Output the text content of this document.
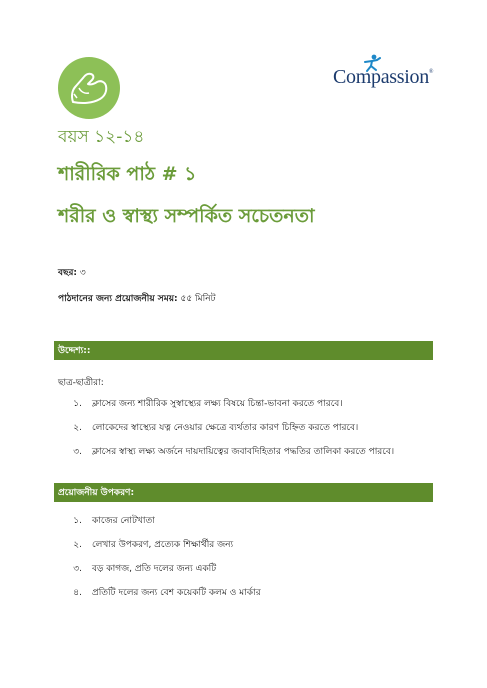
Compassion®
বয়স ১২-১৪
শারীরিক পাঠ # ১
শরীর ও স্বাস্থ্য সম্পর্কিত সচেতনতা
বছর: ৩
পাঠদানের জন্য প্রয়োজনীয় সময়: ৫৫ মিনিট
উদ্দেশ্য::
ছাত্র-ছাত্রীরা:
১.	ক্লাসের জন্য শারীরিক সুস্বাস্থ্যের লক্ষ্য বিষয়ে চিন্তা-ভাবনা করতে পারবে।
২.	লোকেদের স্বাস্থ্যের যত্ন নেওয়ার ক্ষেত্রে ব্যর্থতার কারণ চিহ্নিত করতে পারবে।
৩.	ক্লাসের স্বাস্থ্য লক্ষ্য অর্জনে দায়দায়িত্বের জবাবদিহিতার পদ্ধতির তালিকা করতে পারবে।
প্রয়োজনীয় উপকরণ:
১.	কাজের নোটখাতা
২.	লেখার উপকরণ, প্রত্যেক শিক্ষার্থীর জন্য
৩.	বড় কাগজ, প্রতি দলের জন্য একটি
৪.	প্রতিটি দলের জন্য বেশ কয়েকটি কলম ও মার্কার
